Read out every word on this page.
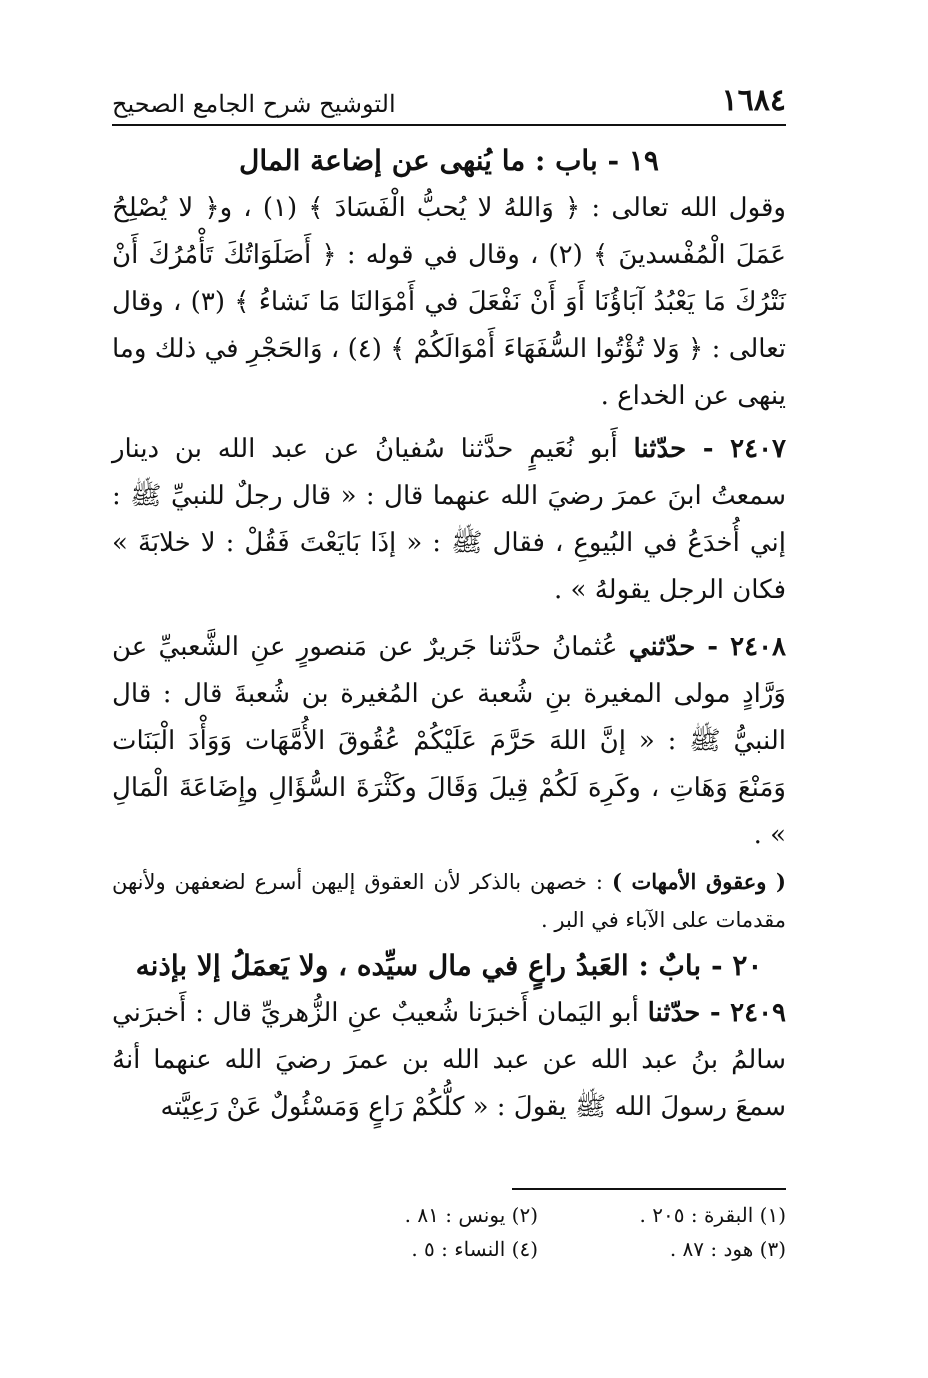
١٦٨٤
التوشيح شرح الجامع الصحيح
١٩ - باب : ما يُنهى عن إضاعة المال

وقول الله تعالى : ﴿ وَاللهُ لا يُحبُّ الْفَسَادَ ﴾ (١) ، و﴿ لا يُصْلِحُ عَمَلَ الْمُفْسدينَ ﴾ (٢) ، وقال في قوله : ﴿ أَصَلَوَاتُكَ تَأْمُرُكَ أَنْ نَتْرُكَ مَا يَعْبُدُ آبَاؤُنَا أَوَ أَنْ نَفْعَلَ في أَمْوَالنَا مَا نَشاءُ ﴾ (٣) ، وقال تعالى : ﴿ وَلا تُؤْتُوا السُّفَهَاءَ أَمْوَالَكُمْ ﴾ (٤) ، وَالحَجْرِ في ذلك وما ينهى عن الخداع .

٢٤٠٧ - حدّثنا أَبو نُعَيمٍ حدَّثنا سُفيانُ عن عبد الله بن دينار سمعتُ ابنَ عمرَ رضيَ الله عنهما قال : « قال رجلٌ للنبيِّ ﷺ : إني أُخدَعُ في البُيوعِ ، فقال ﷺ : « إذَا بَايَعْتَ فَقُلْ : لا خلابَةَ » فكان الرجل يقولهُ » .

٢٤٠٨ - حدّثني عُثمانُ حدَّثنا جَريرٌ عن مَنصورٍ عنِ الشَّعبيِّ عن وَرَّادٍ مولى المغيرة بنِ شُعبة عن المُغيرة بن شُعبةَ قال : قال النبيُّ ﷺ : « إنَّ اللهَ حَرَّمَ عَلَيْكُمْ عُقُوقَ الأُمَّهَات وَوَأْدَ الْبَنَات وَمَنْعَ وَهَاتِ ، وكَرِهَ لَكُمْ قِيلَ وَقَالَ وكَثْرَةَ السُّؤَالِ وإِضَاعَةَ الْمَالِ » .

( وعقوق الأمهات ) : خصهن بالذكر لأن العقوق إليهن أسرع لضعفهن ولأنهن مقدمات على الآباء في البر .

٢٠ - بابٌ : العَبدُ راعٍ في مال سيِّده ، ولا يَعمَلُ إلا بإذنه

٢٤٠٩ - حدّثنا أبو اليَمان أَخبرَنا شُعيبٌ عنِ الزُّهريِّ قال : أَخبرَني سالمُ بنُ عبد الله عن عبد الله بن عمرَ رضيَ الله عنهما أنهُ سمعَ رسولَ الله ﷺ يقولَ : « كلُّكُمْ رَاعٍ وَمَسْئُولٌ عَنْ رَعِيَّته

(١) البقرة : ٢٠٥ .
(٢) يونس : ٨١ .
(٣) هود : ٨٧ .
(٤) النساء : ٥ .
